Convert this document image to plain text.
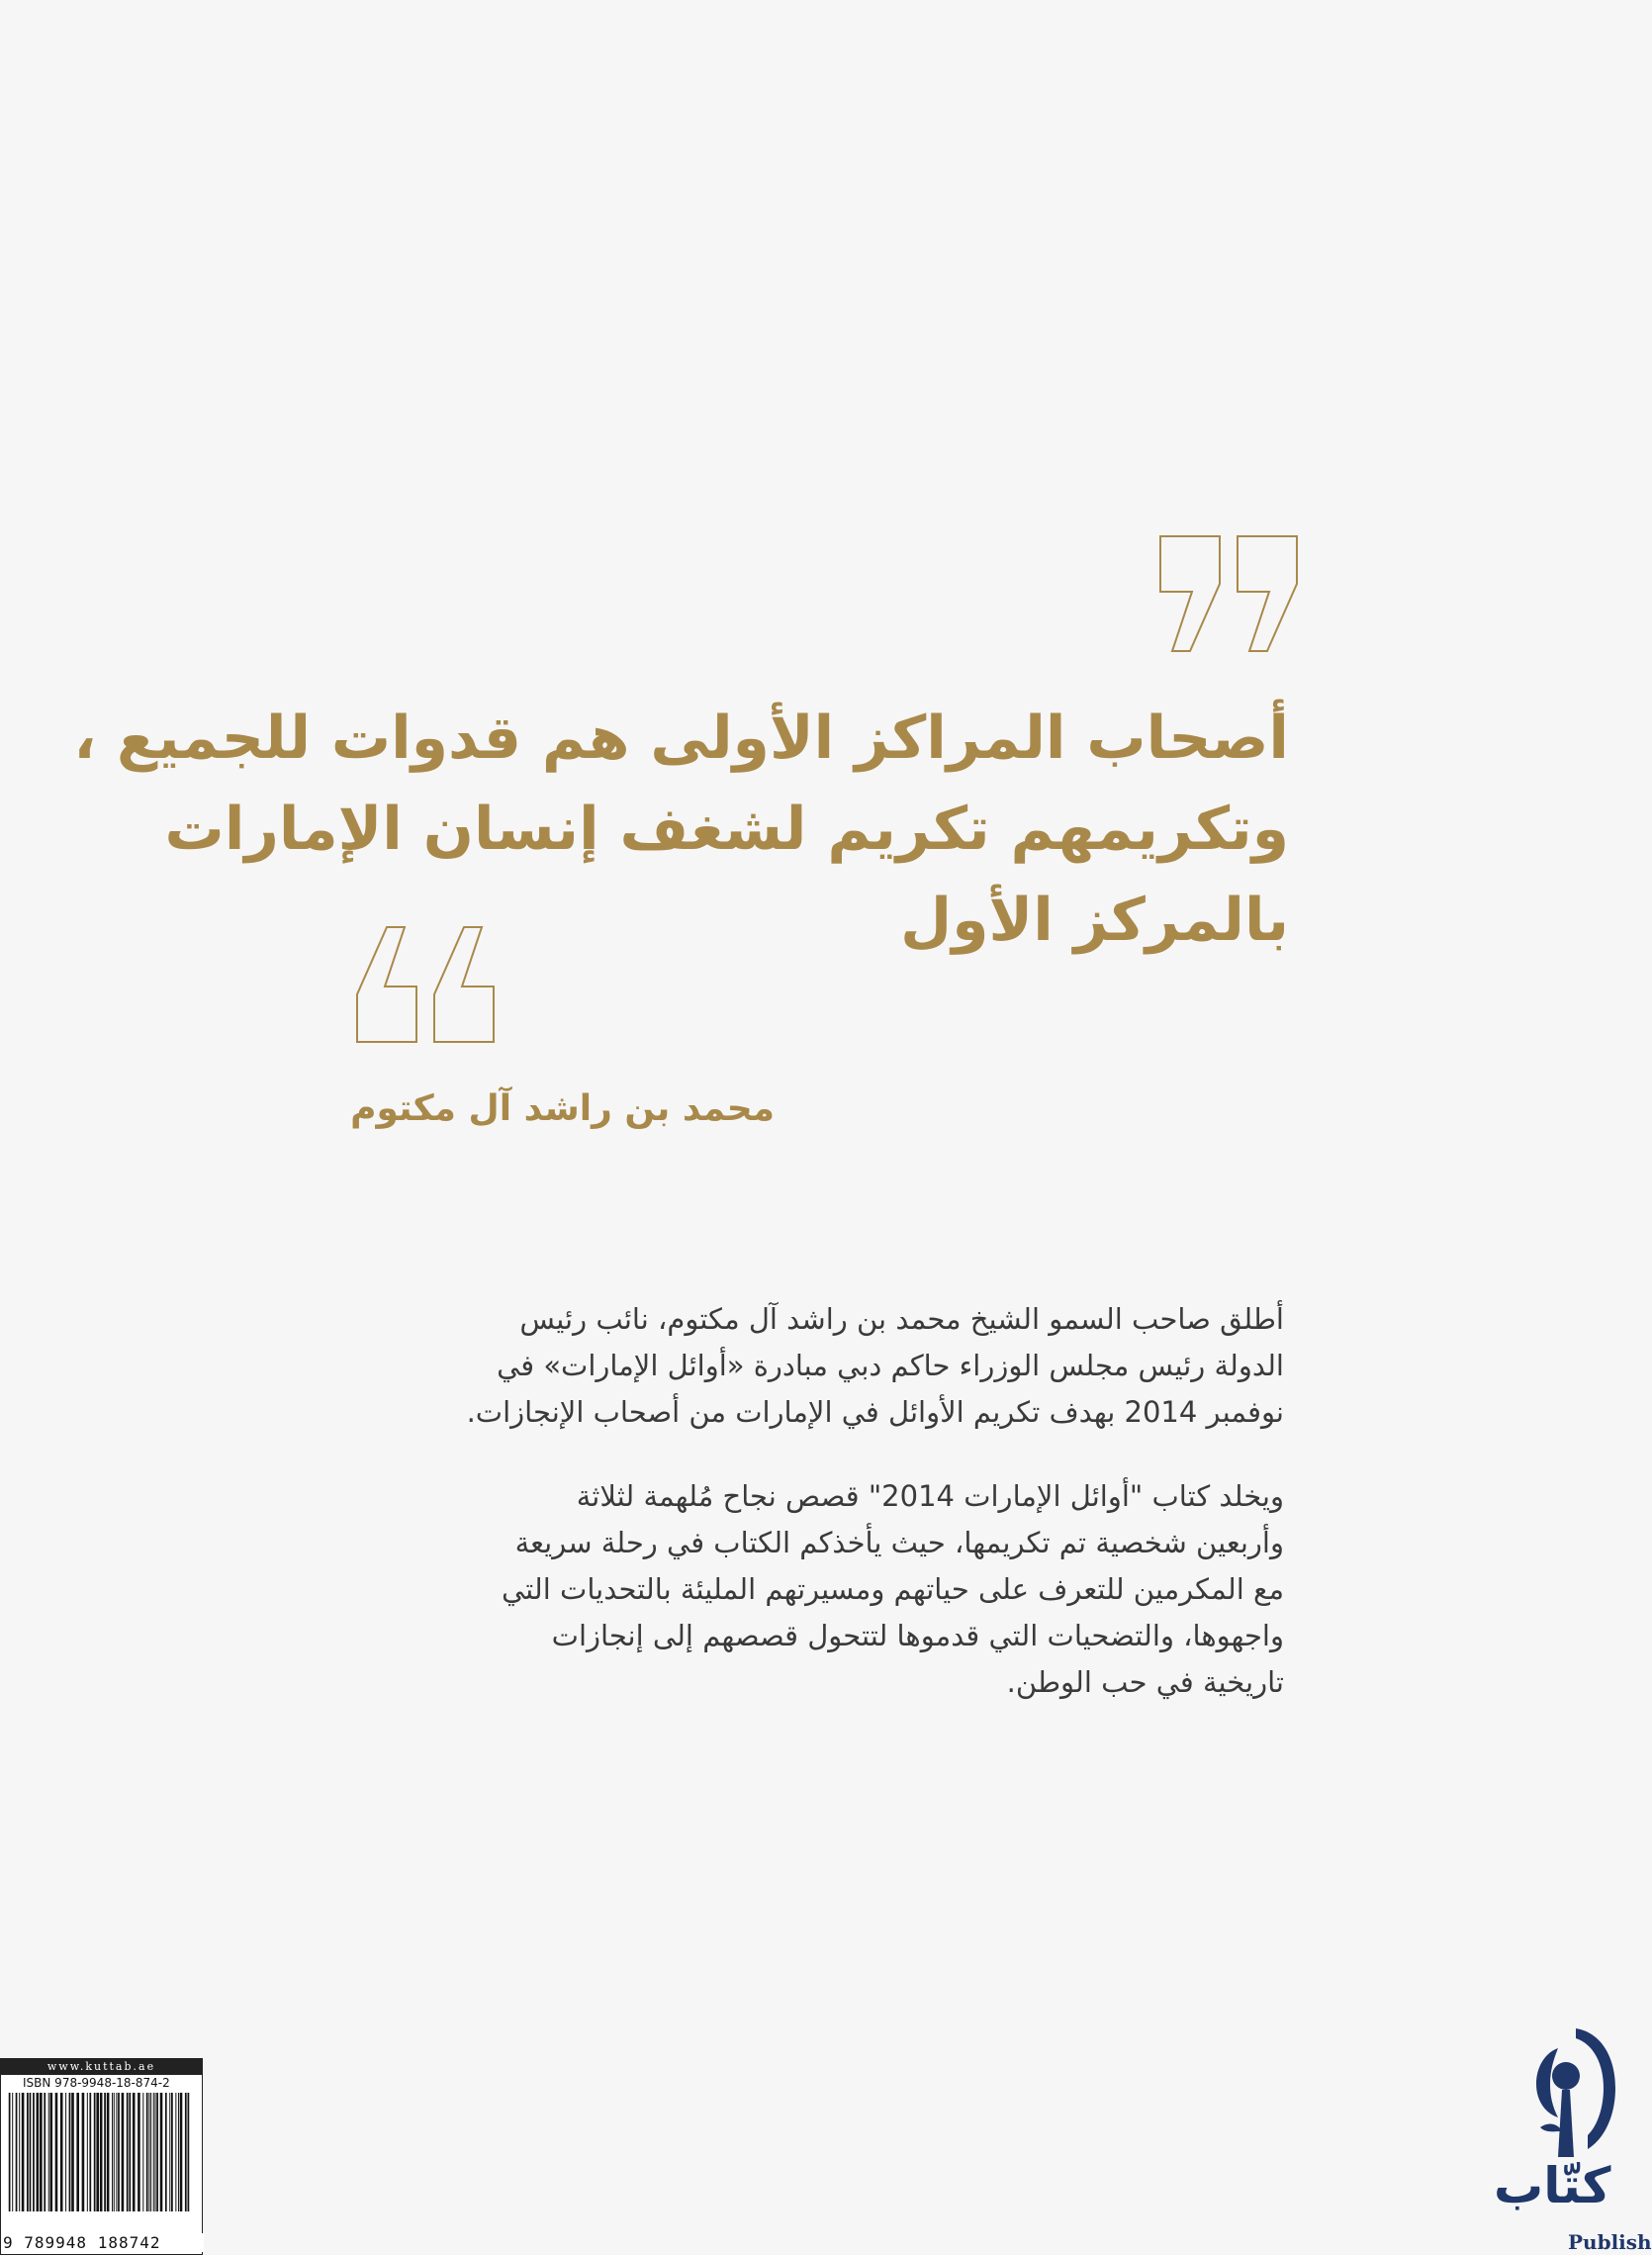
أصحاب المراكز الأولى هم قدوات للجميع ،
وتكريمهم تكريم لشغف إنسان الإمارات
بالمركز الأول
محمد بن راشد آل مكتوم
أطلق صاحب السمو الشيخ محمد بن راشد آل مكتوم، نائب رئيس
الدولة رئيس مجلس الوزراء حاكم دبي مبادرة «أوائل الإمارات» في
نوفمبر 2014 بهدف تكريم الأوائل في الإمارات من أصحاب الإنجازات.
ويخلد كتاب "أوائل الإمارات 2014" قصص نجاح مُلهمة لثلاثة
وأربعين شخصية تم تكريمها، حيث يأخذكم الكتاب في رحلة سريعة
مع المكرمين للتعرف على حياتهم ومسيرتهم المليئة بالتحديات التي
واجهوها، والتضحيات التي قدموها لتتحول قصصهم إلى إنجازات
تاريخية في حب الوطن.
www.kuttab.ae
ISBN 978-9948-18-874-2
9 789948 188742
كتّاب
Publish
